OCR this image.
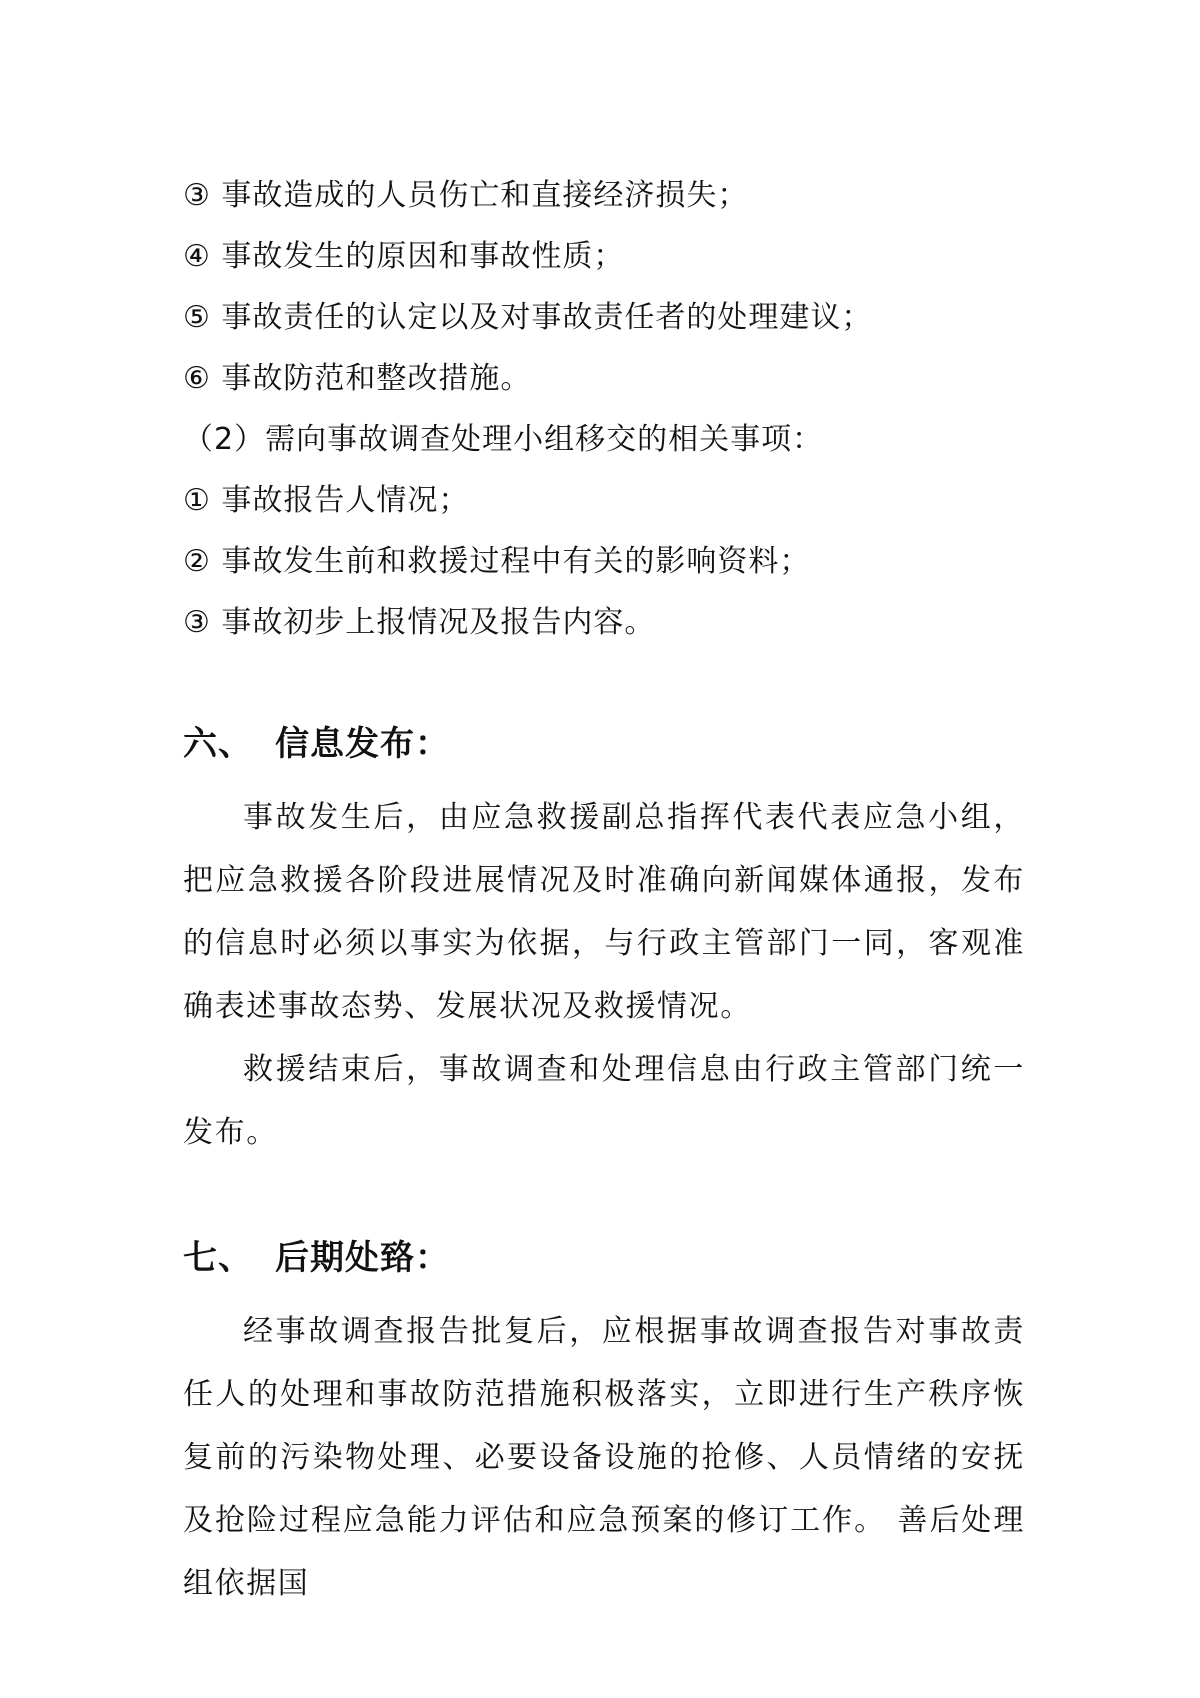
③ 事故造成的人员伤亡和直接经济损失；
④ 事故发生的原因和事故性质；
⑤ 事故责任的认定以及对事故责任者的处理建议；
⑥ 事故防范和整改措施。
（2）需向事故调查处理小组移交的相关事项：
① 事故报告人情况；
② 事故发生前和救援过程中有关的影响资料；
③ 事故初步上报情况及报告内容。
六、 信息发布：

事故发生后，由应急救援副总指挥代表代表应急小组，把应急救援各阶段进展情况及时准确向新闻媒体通报，发布的信息时必须以事实为依据，与行政主管部门一同，客观准确表述事故态势、发展状况及救援情况。

救援结束后，事故调查和处理信息由行政主管部门统一发布。

七、 后期处臵：

经事故调查报告批复后，应根据事故调查报告对事故责任人的处理和事故防范措施积极落实，立即进行生产秩序恢复前的污染物处理、必要设备设施的抢修、人员情绪的安抚及抢险过程应急能力评估和应急预案的修订工作。 善后处理组依据国
